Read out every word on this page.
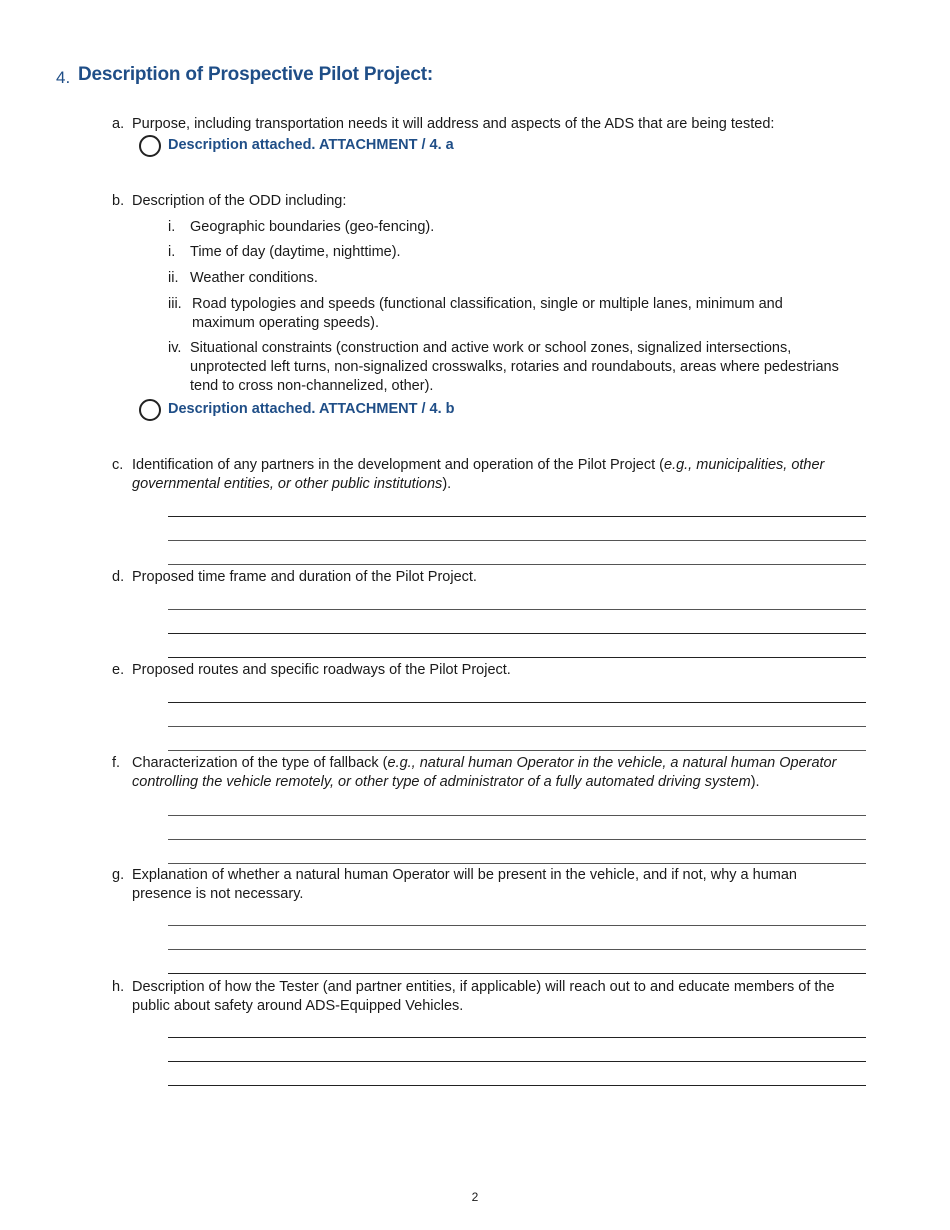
4. Description of Prospective Pilot Project:
a. Purpose, including transportation needs it will address and aspects of the ADS that are being tested:
Description attached. ATTACHMENT / 4. a
b. Description of the ODD including:
i. Geographic boundaries (geo-fencing).
i. Time of day (daytime, nighttime).
ii. Weather conditions.
iii. Road typologies and speeds (functional classification, single or multiple lanes, minimum and maximum operating speeds).
iv. Situational constraints (construction and active work or school zones, signalized intersections, unprotected left turns, non-signalized crosswalks, rotaries and roundabouts, areas where pedestrians tend to cross non-channelized, other).
Description attached. ATTACHMENT / 4. b
c. Identification of any partners in the development and operation of the Pilot Project (e.g., municipalities, other governmental entities, or other public institutions).
d. Proposed time frame and duration of the Pilot Project.
e. Proposed routes and specific roadways of the Pilot Project.
f. Characterization of the type of fallback (e.g., natural human Operator in the vehicle, a natural human Operator controlling the vehicle remotely, or other type of administrator of a fully automated driving system).
g. Explanation of whether a natural human Operator will be present in the vehicle, and if not, why a human presence is not necessary.
h. Description of how the Tester (and partner entities, if applicable) will reach out to and educate members of the public about safety around ADS-Equipped Vehicles.
2
